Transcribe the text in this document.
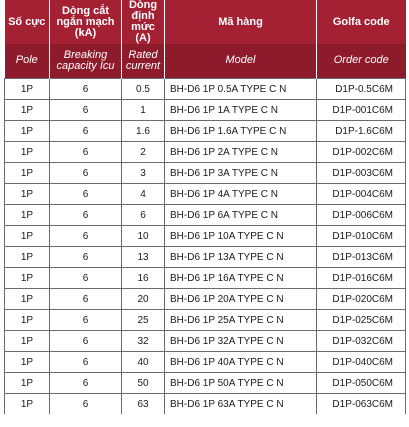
Số cực	Dòng cắt ngắn mạch (kA)	Dòng định mức (A)	Mã hàng	Golfa code
Pole	Breaking capacity Icu	Rated current	Model	Order code
1P	6	0.5	BH-D6 1P 0.5A TYPE C N	D1P-0.5C6M
1P	6	1	BH-D6 1P 1A TYPE C N	D1P-001C6M
1P	6	1.6	BH-D6 1P 1.6A TYPE C N	D1P-1.6C6M
1P	6	2	BH-D6 1P 2A TYPE C N	D1P-002C6M
1P	6	3	BH-D6 1P 3A TYPE C N	D1P-003C6M
1P	6	4	BH-D6 1P 4A TYPE C N	D1P-004C6M
1P	6	6	BH-D6 1P 6A TYPE C N	D1P-006C6M
1P	6	10	BH-D6 1P 10A TYPE C N	D1P-010C6M
1P	6	13	BH-D6 1P 13A TYPE C N	D1P-013C6M
1P	6	16	BH-D6 1P 16A TYPE C N	D1P-016C6M
1P	6	20	BH-D6 1P 20A TYPE C N	D1P-020C6M
1P	6	25	BH-D6 1P 25A TYPE C N	D1P-025C6M
1P	6	32	BH-D6 1P 32A TYPE C N	D1P-032C6M
1P	6	40	BH-D6 1P 40A TYPE C N	D1P-040C6M
1P	6	50	BH-D6 1P 50A TYPE C N	D1P-050C6M
1P	6	63	BH-D6 1P 63A TYPE C N	D1P-063C6M
